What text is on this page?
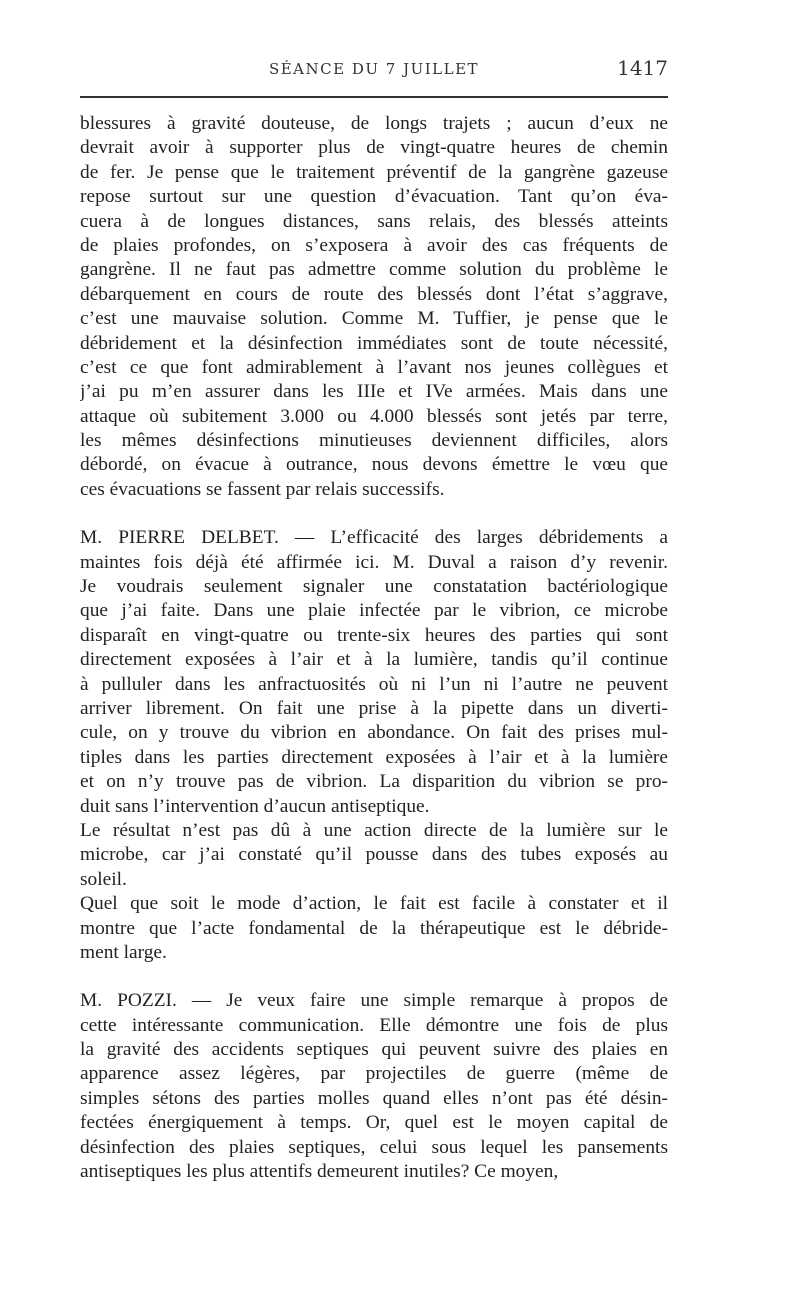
SÉANCE DU 7 JUILLET	1417
blessures à gravité douteuse, de longs trajets ; aucun d’eux ne
devrait avoir à supporter plus de vingt-quatre heures de chemin
de fer. Je pense que le traitement préventif de la gangrène gazeuse
repose surtout sur une question d’évacuation. Tant qu’on éva-
cuera à de longues distances, sans relais, des blessés atteints
de plaies profondes, on s’exposera à avoir des cas fréquents de
gangrène. Il ne faut pas admettre comme solution du problème le
débarquement en cours de route des blessés dont l’état s’aggrave,
c’est une mauvaise solution. Comme M. Tuffier, je pense que le
débridement et la désinfection immédiates sont de toute nécessité,
c’est ce que font admirablement à l’avant nos jeunes collègues et
j’ai pu m’en assurer dans les IIIe et IVe armées. Mais dans une
attaque où subitement 3.000 ou 4.000 blessés sont jetés par terre,
les mêmes désinfections minutieuses deviennent difficiles, alors
débordé, on évacue à outrance, nous devons émettre le vœu que
ces évacuations se fassent par relais successifs.
M. PIERRE DELBET. — L’efficacité des larges débridements a
maintes fois déjà été affirmée ici. M. Duval a raison d’y revenir.
Je voudrais seulement signaler une constatation bactériologique
que j’ai faite. Dans une plaie infectée par le vibrion, ce microbe
disparaît en vingt-quatre ou trente-six heures des parties qui sont
directement exposées à l’air et à la lumière, tandis qu’il continue
à pulluler dans les anfractuosités où ni l’un ni l’autre ne peuvent
arriver librement. On fait une prise à la pipette dans un diverti-
cule, on y trouve du vibrion en abondance. On fait des prises mul-
tiples dans les parties directement exposées à l’air et à la lumière
et on n’y trouve pas de vibrion. La disparition du vibrion se pro-
duit sans l’intervention d’aucun antiseptique.
Le résultat n’est pas dû à une action directe de la lumière sur le
microbe, car j’ai constaté qu’il pousse dans des tubes exposés au
soleil.
Quel que soit le mode d’action, le fait est facile à constater et il
montre que l’acte fondamental de la thérapeutique est le débride-
ment large.
M. POZZI. — Je veux faire une simple remarque à propos de
cette intéressante communication. Elle démontre une fois de plus
la gravité des accidents septiques qui peuvent suivre des plaies en
apparence assez légères, par projectiles de guerre (même de
simples sétons des parties molles quand elles n’ont pas été désin-
fectées énergiquement à temps. Or, quel est le moyen capital de
désinfection des plaies septiques, celui sous lequel les pansements
antiseptiques les plus attentifs demeurent inutiles? Ce moyen,
